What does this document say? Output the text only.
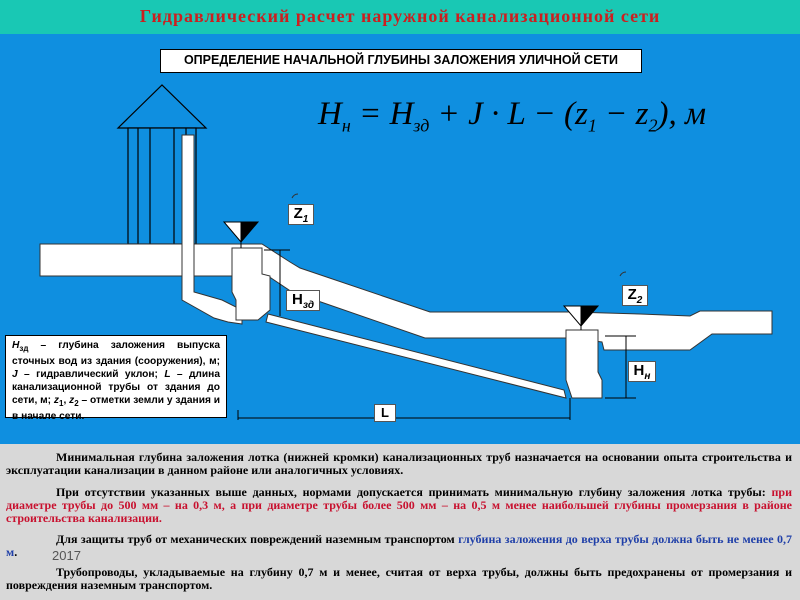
Гидравлический расчет наружной канализационной сети
ОПРЕДЕЛЕНИЕ НАЧАЛЬНОЙ ГЛУБИНЫ ЗАЛОЖЕНИЯ УЛИЧНОЙ СЕТИ
$H_н = H_{зд} + J \cdot L - (z_1 - z_2)$, м
$Z_1$
$Z_2$
$H_{зд}$
$H_н$
L
$H_{зд}$ – глубина заложения выпуска сточных вод из здания (сооружения), м; J – гидравлический уклон; L – длина канализационной трубы от здания до сети, м; $z_1$, $z_2$ – отметки земли у здания и в начале сети.
Минимальная глубина заложения лотка (нижней кромки) канализационных труб назначается на основании опыта строительства и эксплуатации канализации в данном районе или аналогичных условиях.
При отсутствии указанных выше данных, нормами допускается принимать минимальную глубину заложения лотка трубы: при диаметре трубы до 500 мм – на 0,3 м, а при диаметре трубы более 500 мм – на 0,5 м менее наибольшей глубины промерзания в районе строительства канализации.
Для защиты труб от механических повреждений наземным транспортом глубина заложения до верха трубы должна быть не менее 0,7 м.
Трубопроводы, укладываемые на глубину 0,7 м и менее, считая от верха трубы, должны быть предохранены от промерзания и повреждения наземным транспортом.
2017
